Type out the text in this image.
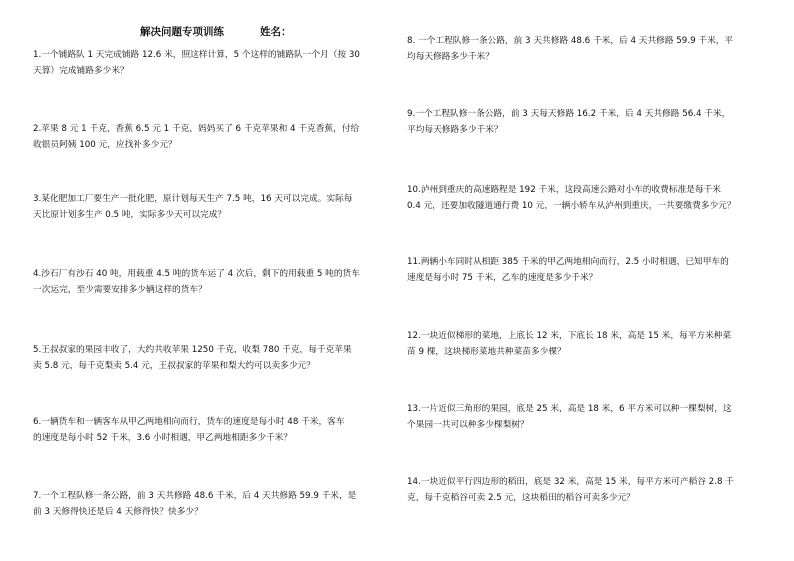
解决问题专项训练	姓名：
1.一个铺路队 1 天完成铺路 12.6 米，照这样计算，5 个这样的铺路队一个月（按 30
天算）完成铺路多少米？
2.苹果 8 元 1 千克，香蕉 6.5 元 1 千克，妈妈买了 6 千克苹果和 4 千克香蕉，付给
收银员阿姨 100 元，应找补多少元？
3.某化肥加工厂要生产一批化肥，原计划每天生产 7.5 吨，16 天可以完成。实际每
天比原计划多生产 0.5 吨，实际多少天可以完成？
4.沙石厂有沙石 40 吨，用载重 4.5 吨的货车运了 4 次后，剩下的用载重 5 吨的货车
一次运完，至少需要安排多少辆这样的货车？
5.王叔叔家的果园丰收了，大约共收苹果 1250 千克，收梨 780 千克，每千克苹果
卖 5.8 元，每千克梨卖 5.4 元，王叔叔家的苹果和梨大约可以卖多少元？
6.一辆货车和一辆客车从甲乙两地相向而行，货车的速度是每小时 48 千米，客车
的速度是每小时 52 千米，3.6 小时相遇，甲乙两地相距多少千米？
7.一个工程队修一条公路，前 3 天共修路 48.6 千米，后 4 天共修路 59.9 千米，是
前 3 天修得快还是后 4 天修得快？快多少？
8. 一个工程队修一条公路，前 3 天共修路 48.6 千米，后 4 天共修路 59.9 千米，平
均每天修路多少千米？
9.一个工程队修一条公路，前 3 天每天修路 16.2 千米，后 4 天共修路 56.4 千米，
平均每天修路多少千米？
10.泸州到重庆的高速路程是 192 千米，这段高速公路对小车的收费标准是每千米
0.4 元，还要加收隧道通行费 10 元，一辆小轿车从泸州到重庆，一共要缴费多少元？
11.两辆小车同时从相距 385 千米的甲乙两地相向而行，2.5 小时相遇，已知甲车的
速度是每小时 75 千米，乙车的速度是多少千米？
12.一块近似梯形的菜地，上底长 12 米，下底长 18 米，高是 15 米，每平方米种菜
苗 9 棵，这块梯形菜地共种菜苗多少棵？
13.一片近似三角形的果园，底是 25 米，高是 18 米，6 平方米可以种一棵梨树，这
个果园一共可以种多少棵梨树？
14.一块近似平行四边形的稻田，底是 32 米，高是 15 米，每平方米可产稻谷 2.8 千
克，每千克稻谷可卖 2.5 元，这块稻田的稻谷可卖多少元？
